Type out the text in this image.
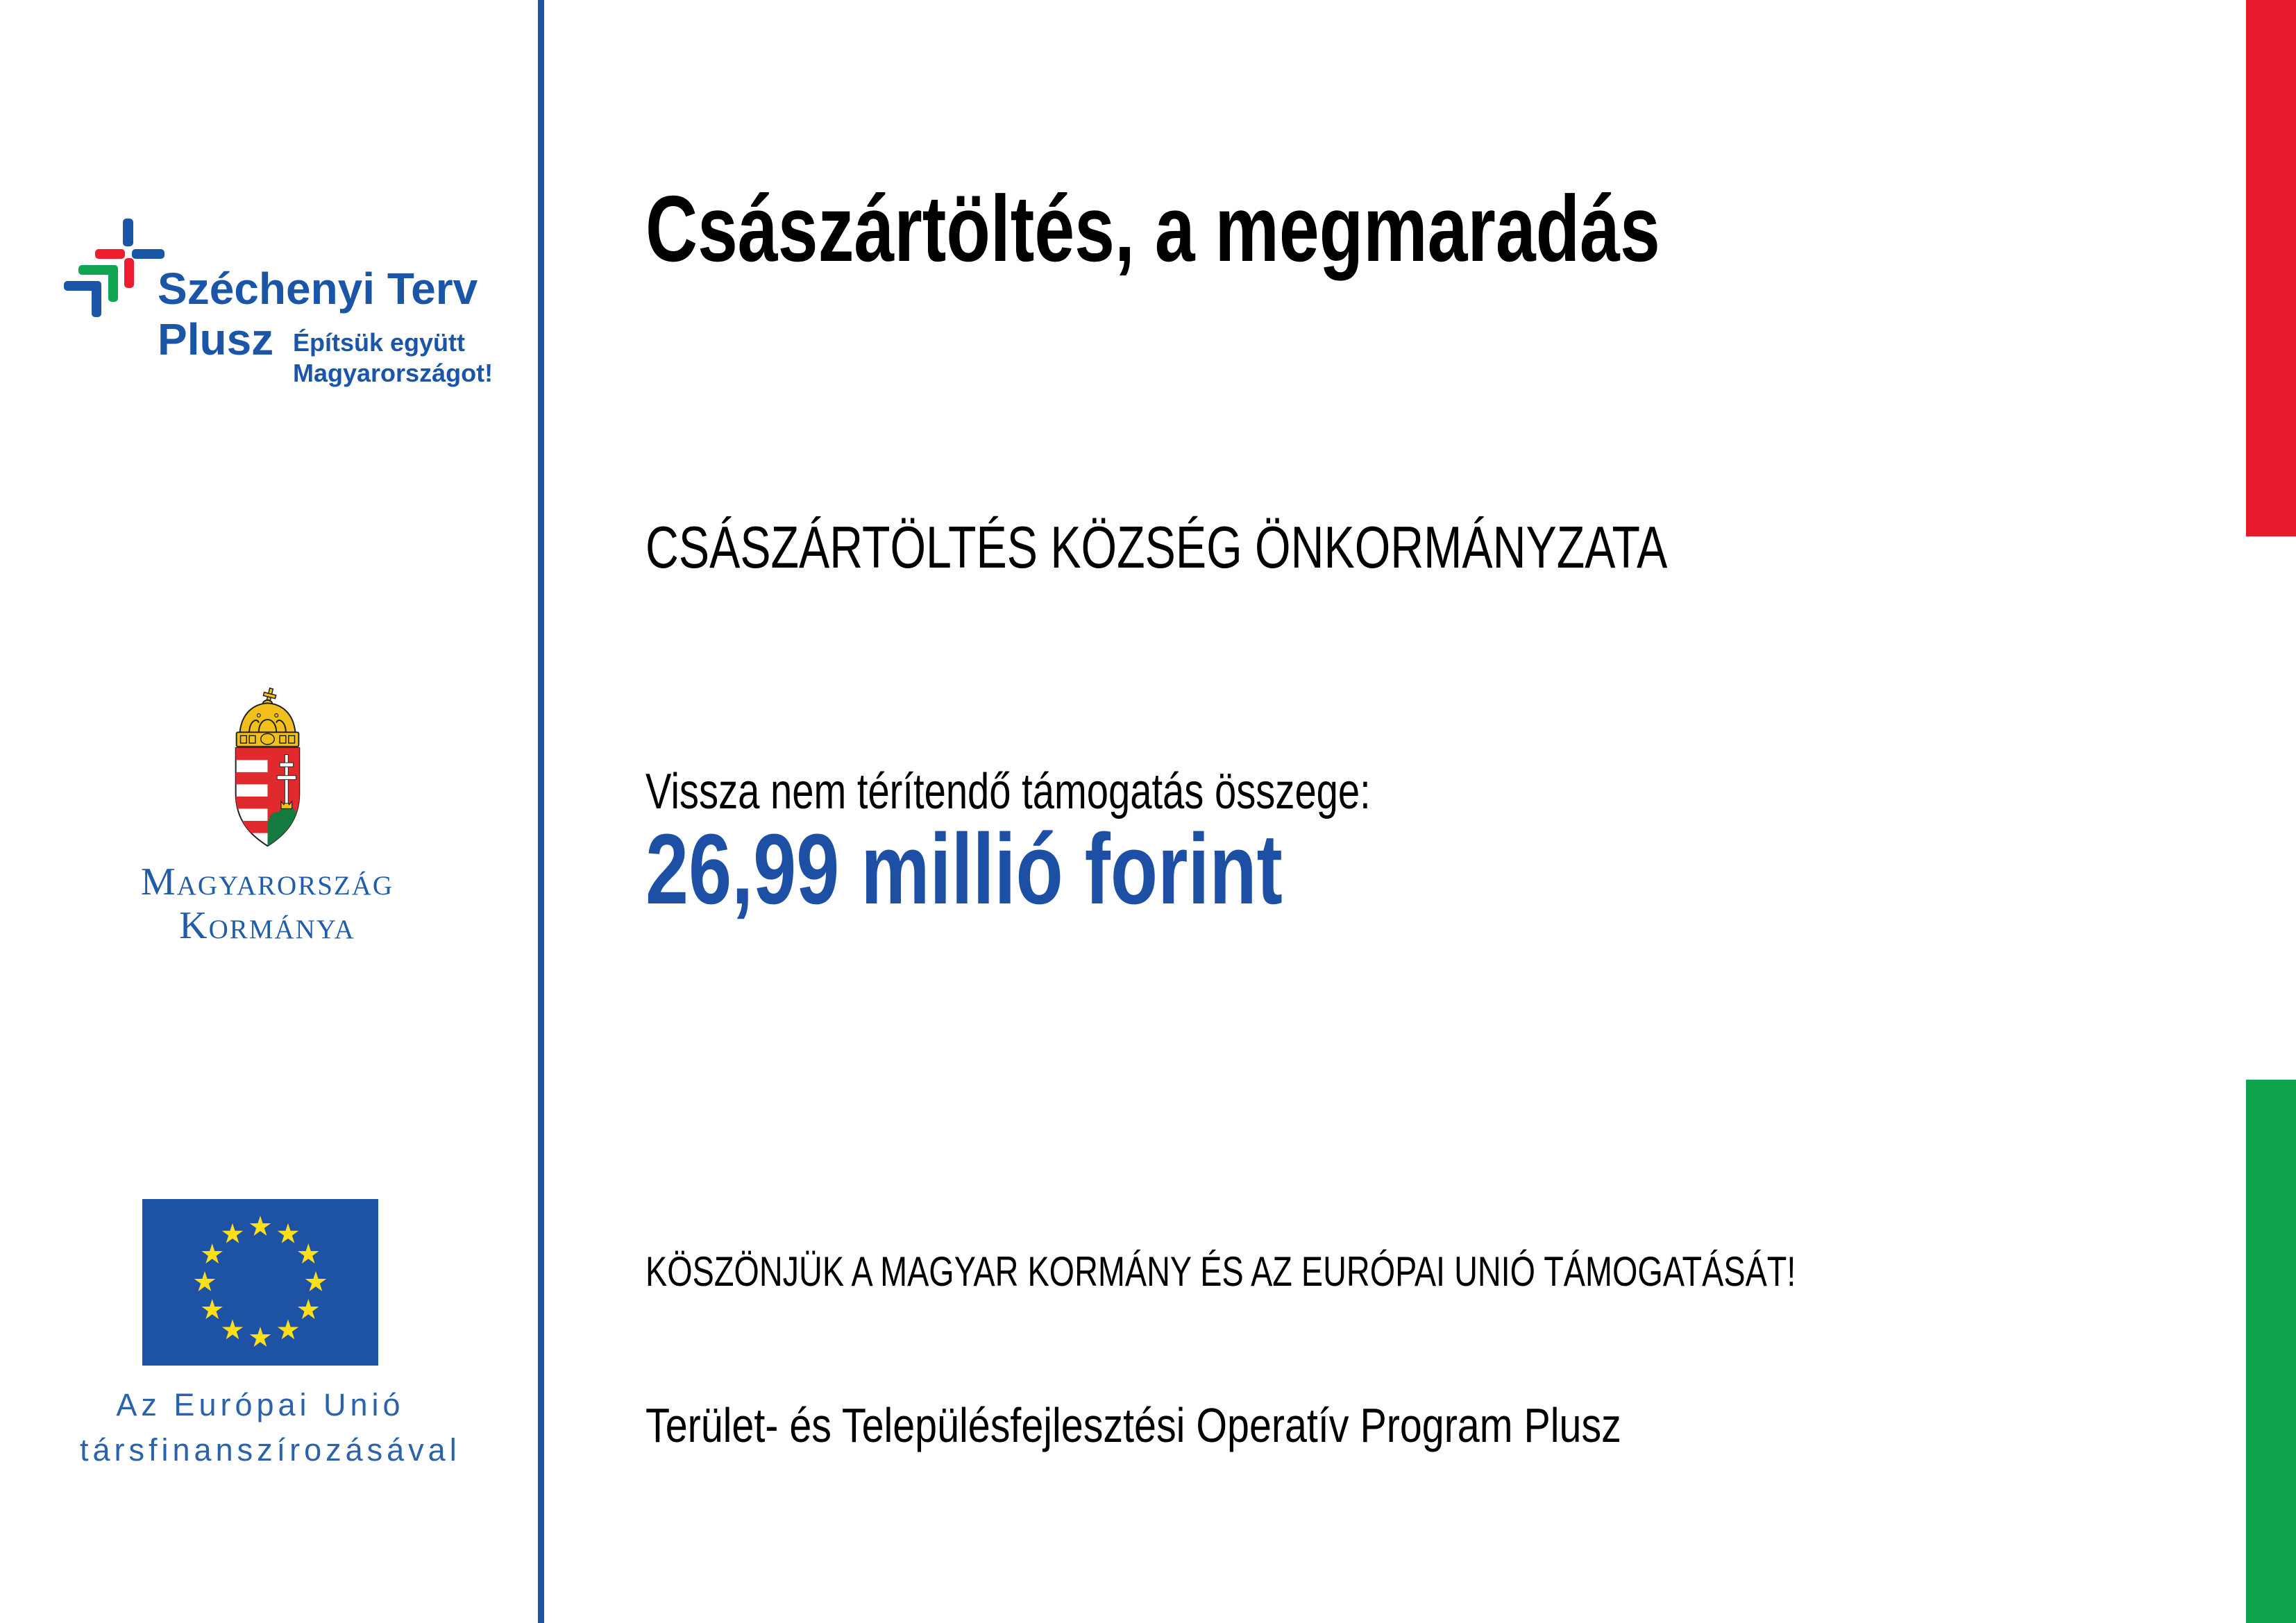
Széchenyi Terv
Plusz Építsük együtt
Magyarországot!
Magyarország
Kormánya
Az Európai Unió
társfinanszírozásával
Császártöltés, a megmaradás
CSÁSZÁRTÖLTÉS KÖZSÉG ÖNKORMÁNYZATA
Vissza nem térítendő támogatás összege:
26,99 millió forint
KÖSZÖNJÜK A MAGYAR KORMÁNY ÉS AZ EURÓPAI UNIÓ TÁMOGATÁSÁT!
Terület- és Településfejlesztési Operatív Program Plusz
